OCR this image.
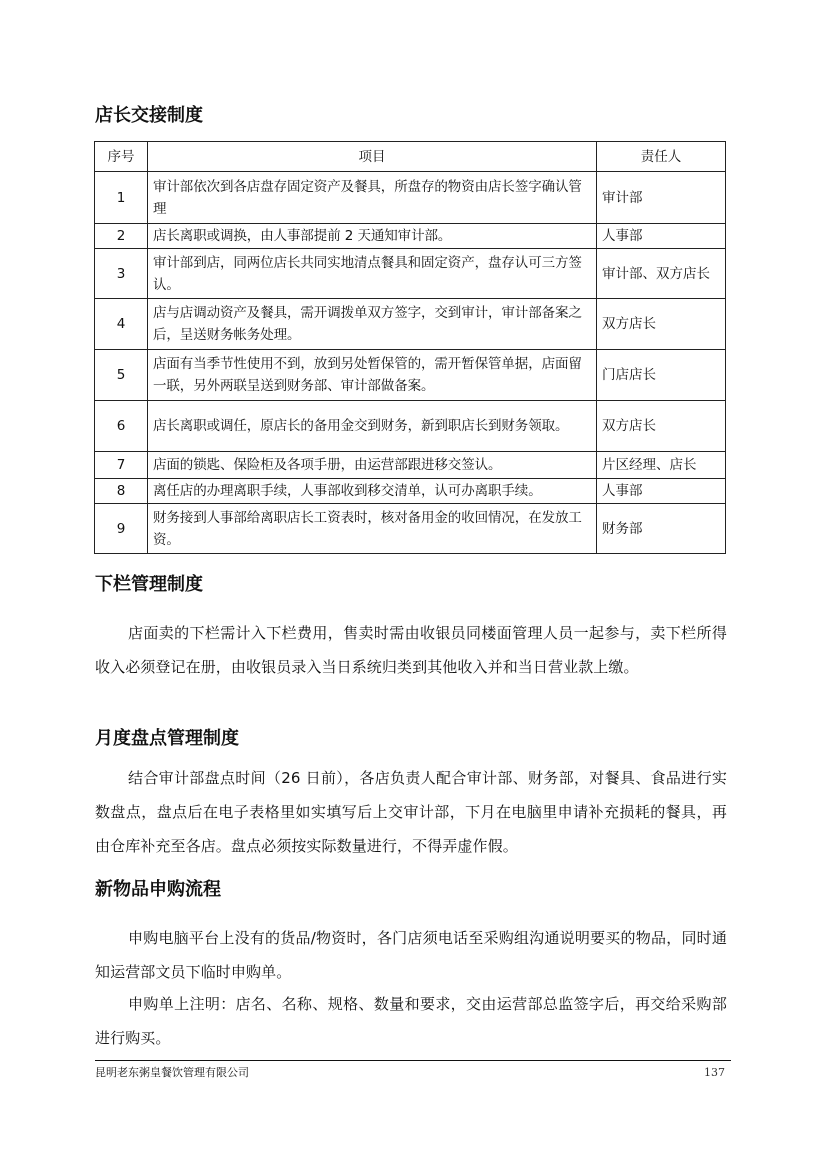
店长交接制度
序号	项目	责任人
1	审计部依次到各店盘存固定资产及餐具，所盘存的物资由店长签字确认管理	审计部
2	店长离职或调换，由人事部提前 2 天通知审计部。	人事部
3	审计部到店，同两位店长共同实地清点餐具和固定资产，盘存认可三方签认。	审计部、双方店长
4	店与店调动资产及餐具，需开调拨单双方签字，交到审计，审计部备案之后，呈送财务帐务处理。	双方店长
5	店面有当季节性使用不到，放到另处暂保管的，需开暂保管单据，店面留一联，另外两联呈送到财务部、审计部做备案。	门店店长
6	店长离职或调任，原店长的备用金交到财务，新到职店长到财务领取。	双方店长
7	店面的锁匙、保险柜及各项手册，由运营部跟进移交签认。	片区经理、店长
8	离任店的办理离职手续，人事部收到移交清单，认可办离职手续。	人事部
9	财务接到人事部给离职店长工资表时，核对备用金的收回情况，在发放工资。	财务部
下栏管理制度

店面卖的下栏需计入下栏费用，售卖时需由收银员同楼面管理人员一起参与，卖下栏所得收入必须登记在册，由收银员录入当日系统归类到其他收入并和当日营业款上缴。

月度盘点管理制度

结合审计部盘点时间（26 日前），各店负责人配合审计部、财务部，对餐具、食品进行实数盘点，盘点后在电子表格里如实填写后上交审计部，下月在电脑里申请补充损耗的餐具，再由仓库补充至各店。盘点必须按实际数量进行，不得弄虚作假。

新物品申购流程

申购电脑平台上没有的货品/物资时，各门店须电话至采购组沟通说明要买的物品，同时通知运营部文员下临时申购单。

申购单上注明：店名、名称、规格、数量和要求，交由运营部总监签字后，再交给采购部进行购买。

昆明老东粥皇餐饮管理有限公司	137
